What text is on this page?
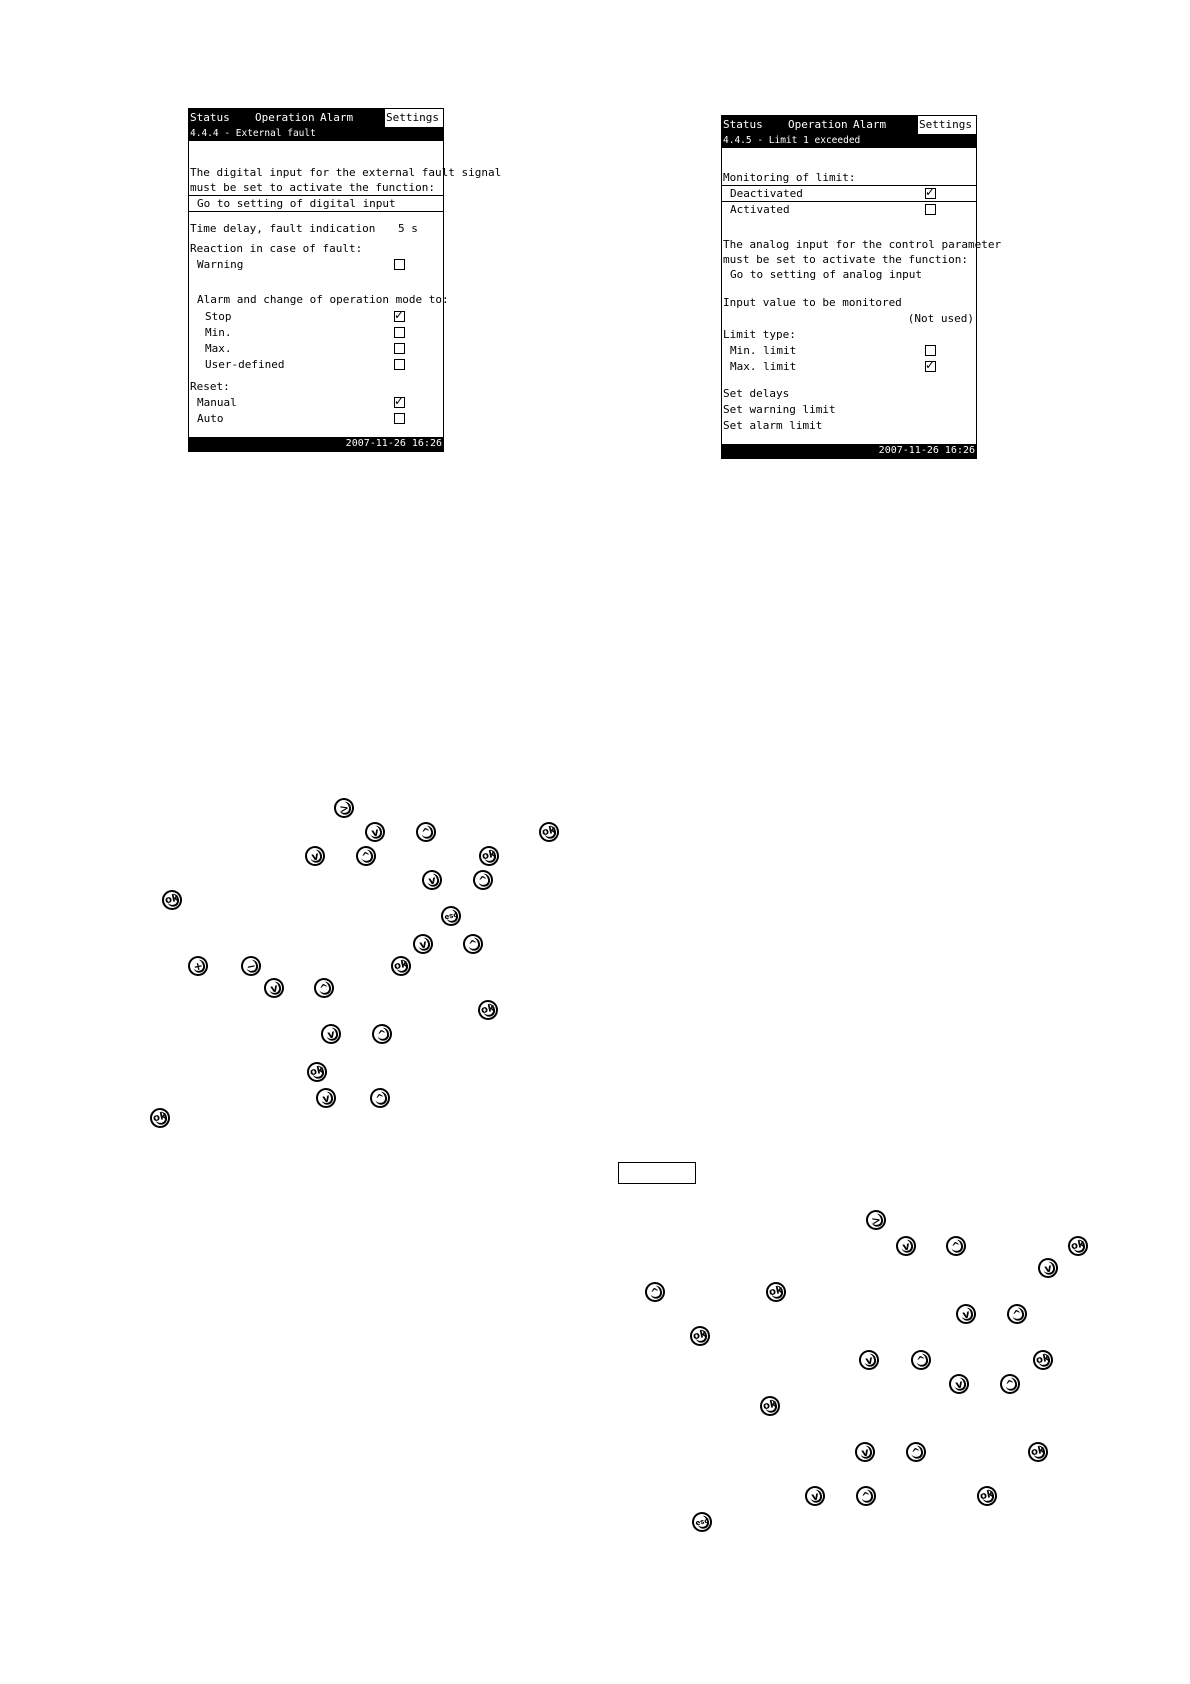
Status	Operation Alarm	Settings
4.4.4 - External fault
The digital input for the external fault signal
must be set to activate the function:
Go to setting of digital input
Time delay, fault indication	5 s
Reaction in case of fault:
Warning
Alarm and change of operation mode to:
Stop	✓
Min.
Max.
User-defined
Reset:
Manual	✓
Auto
2007-11-26 16:26
Status	Operation Alarm	Settings
4.4.5 - Limit 1 exceeded
Monitoring of limit:
Deactivated	✓
Activated
The analog input for the control parameter
must be set to activate the function:
Go to setting of analog input
Input value to be monitored
(Not used)
Limit type:
Min. limit
Max. limit	✓
Set delays
Set warning limit
Set alarm limit
2007-11-26 16:26
>
v	^	ok
v	^	ok
v	^
ok
esc
v	^
+	−	ok
v	^
ok
v	^
ok
v	^
ok
>
v	^	ok
v
^	ok
v	^
ok
v	^	ok
v	^
ok
v	^	ok
v	^	ok
esc
